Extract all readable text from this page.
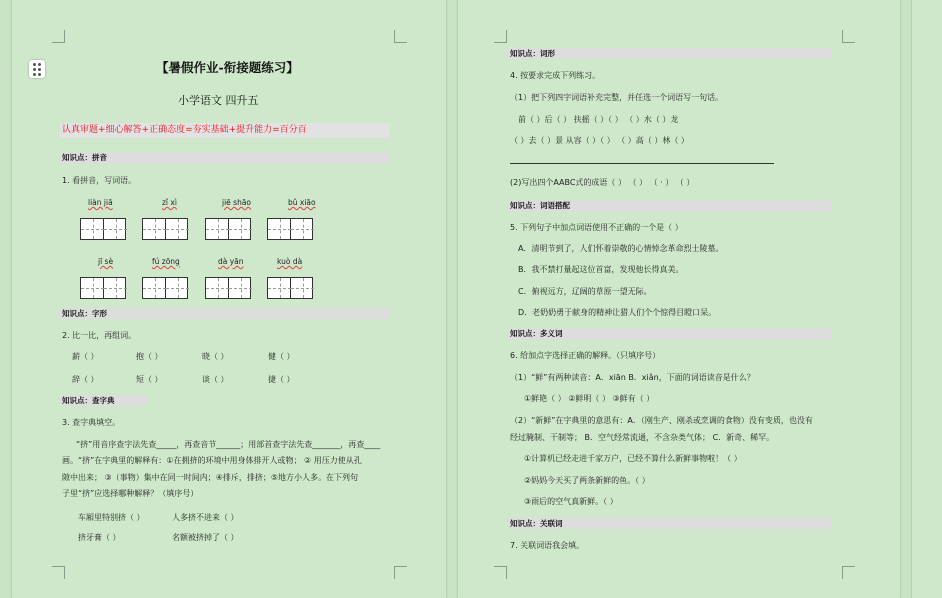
【暑假作业-衔接题练习】
小学语文 四升五
认真审题+细心解答+正确态度=夯实基础+提升能力=百分百
知识点：拼音
1. 看拼音，写词语。
liàn jiā	zǐ xì	jiē shāo	bǔ xiāo
jī sè	fú zōng	dà yān	kuò dà
知识点：字形
2. 比一比，再组词。
薪（ ）	抱（ ）	晓（ ）	健（ ）
辞（ ）	短（ ）	谈（ ）	捷（ ）
知识点：查字典
3. 查字典填空。
“挤”用音序查字法先查_____，再查音节______；用部首查字法先查_______，再查____
画。“挤”在字典里的解释有：①在拥挤的环境中用身体排开人或物； ② 用压力使从孔
隙中出来； ③（事物）集中在同一时间内；④排斥，排挤；⑤地方小人多。在下列句
子里“挤”应选择哪种解释？（填序号）
车厢里特别挤（ ）	人多挤不进来（ ）
挤牙膏（ ）	名额被挤掉了（ ）
知识点：词形
4. 按要求完成下列练习。
（1）把下列四字词语补充完整，并任选一个词语写一句话。
前（ ）后（ ） 扶摇（ ）（ ） （ ）水（ ）龙
（ ）去（ ）景 从容（ ）（ ） （ ）高（ ）林（ ）
(2)写出四个AABC式的成语（ ） （ ） （ · ） （ ）
知识点：词语搭配
5. 下列句子中加点词语使用不正确的一个是（ ）
A．清明节到了，人们怀着崇敬的心情悼念革命烈士陵墓。
B．我不禁打量起这位首富，发现他长得真美。
C．俯视远方，辽阔的草原一望无际。
D．老奶奶勇于献身的精神让猎人们个个惊得目瞪口呆。
知识点：多义词
6. 给加点字选择正确的解释。（只填序号）
（1）“鲜”有两种读音：A．xiān B．xiǎn，下面的词语读音是什么？
①鲜艳（ ） ②鲜明（ ） ③鲜有（ ）
（2）“新鲜”在字典里的意思有：A．（刚生产、刚杀或烹调的食物）没有变质，也没有
经过腌制、干制等； B．空气经常流通，不含杂类气体； C．新奇、稀罕。
①计算机已经走进千家万户，已经不算什么新鲜事物啦！（ ）
②妈妈今天买了两条新鲜的鱼。（ ）
③雨后的空气真新鲜。（ ）
知识点：关联词
7. 关联词语我会填。
